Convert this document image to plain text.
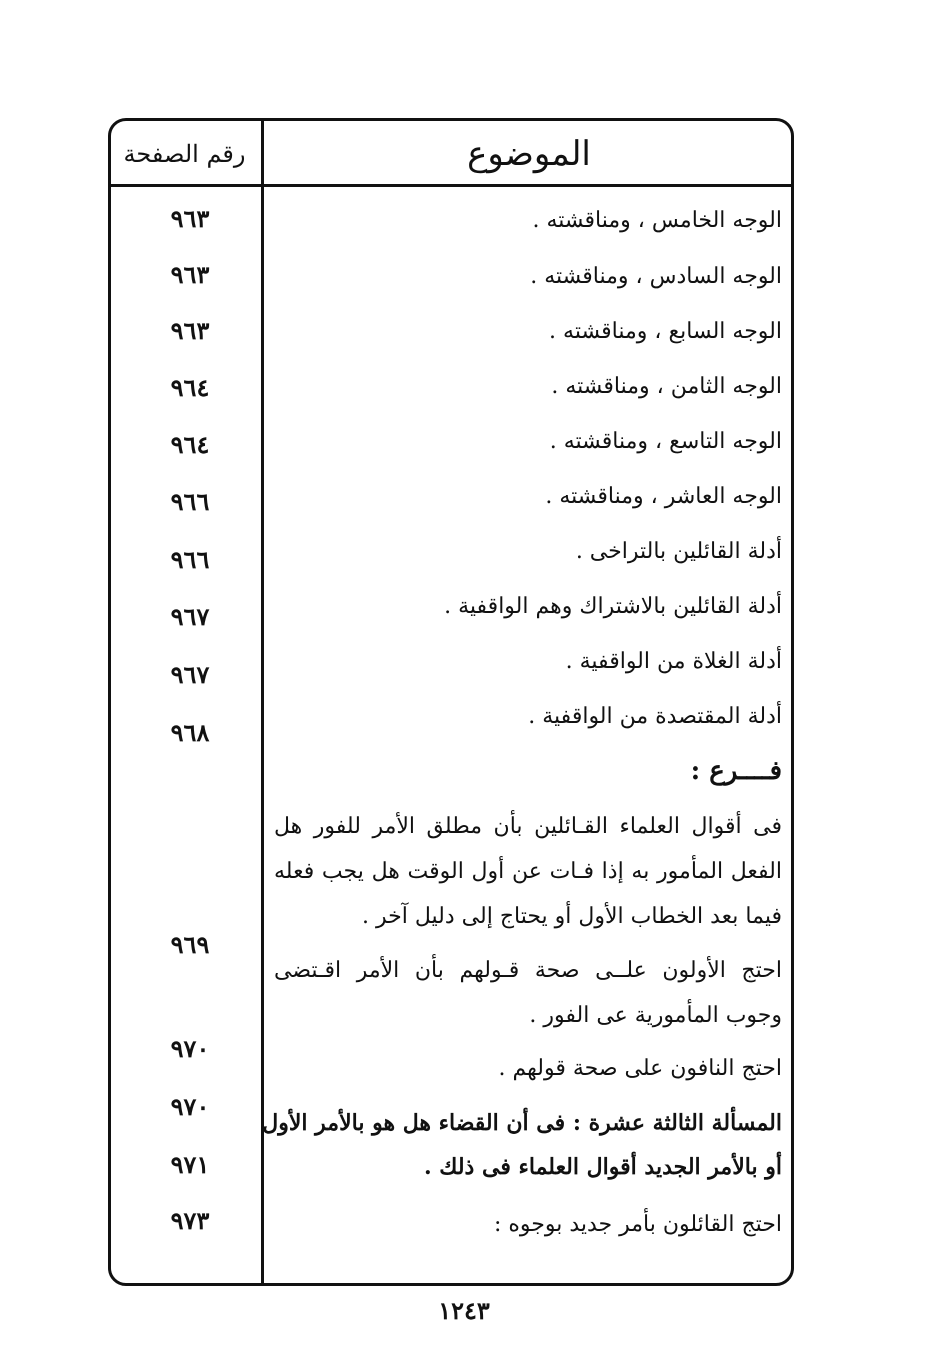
الموضوع
رقم الصفحة
الوجه الخامس ، ومناقشته .
٩٦٣
الوجه السادس ، ومناقشته .
٩٦٣
الوجه السابع ، ومناقشته .
٩٦٣
الوجه الثامن ، ومناقشته .
٩٦٤
الوجه التاسع ، ومناقشته .
٩٦٤
الوجه العاشر ، ومناقشته .
٩٦٦
أدلة القائلين بالتراخى .
٩٦٦
أدلة القائلين بالاشتراك وهم الواقفية .
٩٦٧
أدلة الغلاة من الواقفية .
٩٦٧
أدلة المقتصدة من الواقفية .
٩٦٨
فــــرع :
فى أقوال العلماء القـائلين بأن مطلق الأمر للفور هل
الفعل المأمور به إذا فـات عن أول الوقت هل يجب فعله
فيما بعد الخطاب الأول أو يحتاج إلى دليل آخر .
٩٦٩
احتج الأولون علــى صحة قـولهم بأن الأمر اقـتضى
وجوب المأمورية عى الفور .
٩٧٠
احتج النافون على صحة قولهم .
٩٧٠
المسألة الثالثة عشرة : فى أن القضاء هل هو بالأمر الأول
أو بالأمر الجديد أقوال العلماء فى ذلك .
٩٧١
احتج القائلون بأمر جديد بوجوه :
٩٧٣
١٢٤٣
